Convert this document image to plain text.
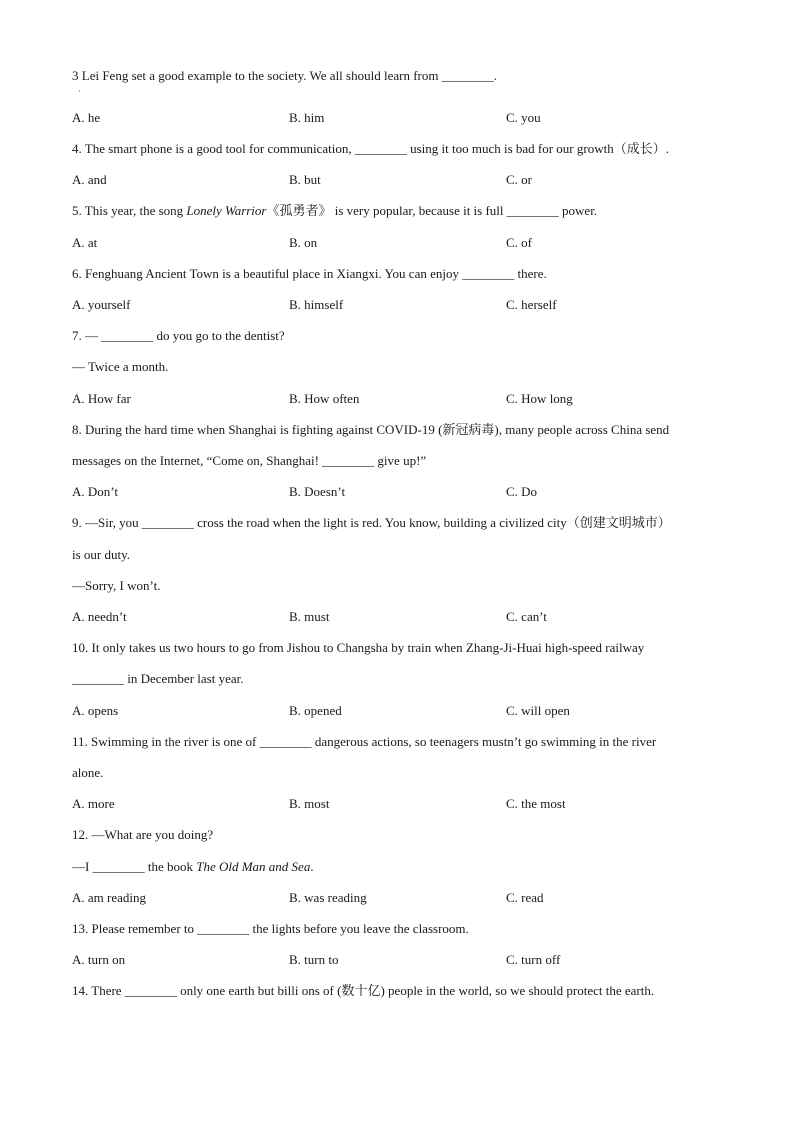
3 Lei Feng set a good example to the society. We all should learn from ________.
·
A. he	B. him	C. you
4. The smart phone is a good tool for communication, ________ using it too much is bad for our growth（成长）.
A. and	B. but	C. or
5. This year, the song Lonely Warrior《孤勇者》 is very popular, because it is full ________ power.
A. at	B. on	C. of
6. Fenghuang Ancient Town is a beautiful place in Xiangxi. You can enjoy ________ there.
A. yourself	B. himself	C. herself
7. — ________ do you go to the dentist?
— Twice a month.
A. How far	B. How often	C. How long
8. During the hard time when Shanghai is fighting against COVID-19 (新冠病毒), many people across China send
messages on the Internet, “Come on, Shanghai! ________ give up!”
A. Don’t	B. Doesn’t	C. Do
9. —Sir, you ________ cross the road when the light is red. You know, building a civilized city（创建文明城市）
is our duty.
—Sorry, I won’t.
A. needn’t	B. must	C. can’t
10. It only takes us two hours to go from Jishou to Changsha by train when Zhang-Ji-Huai high-speed railway
________ in December last year.
A. opens	B. opened	C. will open
11. Swimming in the river is one of ________ dangerous actions, so teenagers mustn’t go swimming in the river
alone.
A. more	B. most	C. the most
12. —What are you doing?
—I ________ the book The Old Man and Sea.
A. am reading	B. was reading	C. read
13. Please remember to ________ the lights before you leave the classroom.
A. turn on	B. turn to	C. turn off
14. There ________ only one earth but billi ons of (数十亿) people in the world, so we should protect the earth.
